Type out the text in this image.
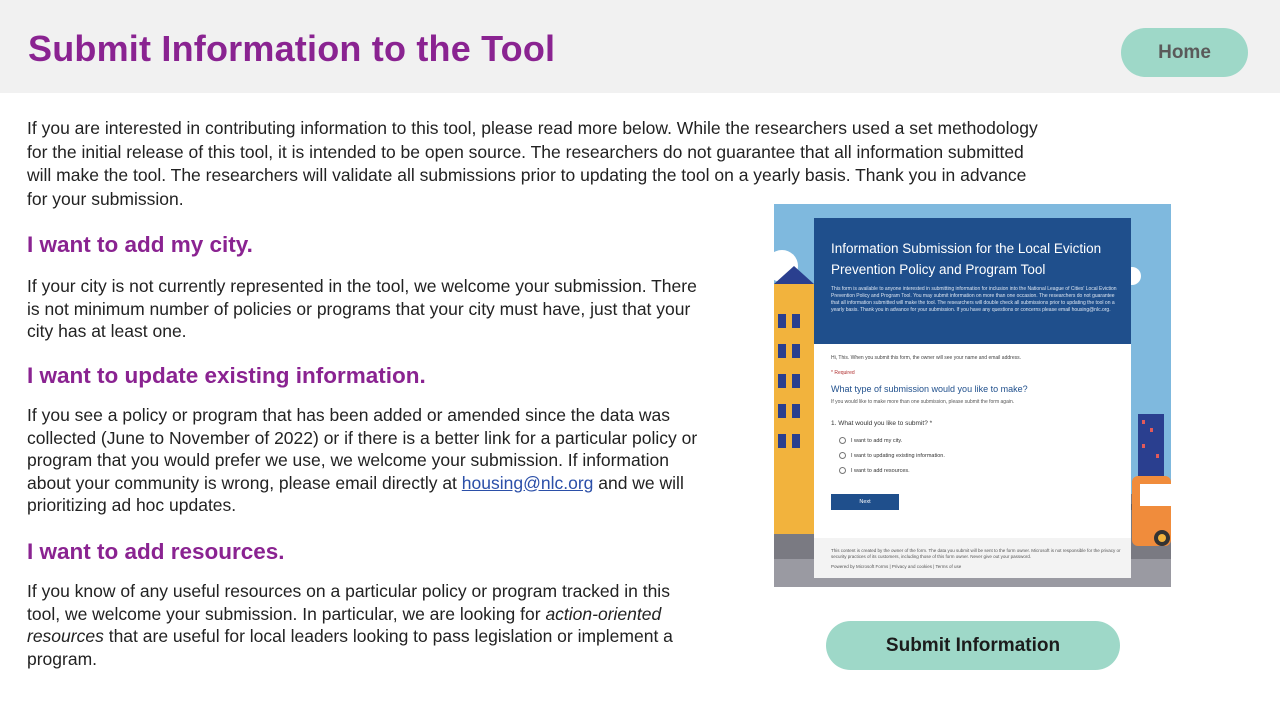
Submit Information to the Tool	Home

If you are interested in contributing information to this tool, please read more below. While the researchers used a set methodology for the initial release of this tool, it is intended to be open source. The researchers do not guarantee that all information submitted will make the tool. The researchers will validate all submissions prior to updating the tool on a yearly basis. Thank you in advance for your submission.

I want to add my city.

If your city is not currently represented in the tool, we welcome your submission. There is not minimum number of policies or programs that your city must have, just that your city has at least one.

I want to update existing information.

If you see a policy or program that has been added or amended since the data was collected (June to November of 2022) or if there is a better link for a particular policy or program that you would prefer we use, we welcome your submission. If information about your community is wrong, please email directly at housing@nlc.org and we will prioritizing ad hoc updates.

I want to add resources.

If you know of any useful resources on a particular policy or program tracked in this tool, we welcome your submission. In particular, we are looking for action-oriented resources that are useful for local leaders looking to pass legislation or implement a program.

Information Submission for the Local Eviction Prevention Policy and Program Tool
This form is available to anyone interested in submitting information for inclusion into the National League of Cities' Local Eviction Prevention Policy and Program Tool. You may submit information on more than one occasion. The researchers do not guarantee that all information submitted will make the tool. The researchers will double check all submissions prior to updating the tool on a yearly basis. Thank you in advance for your submission. If you have any questions or concerns please email housing@nlc.org.
Hi, This. When you submit this form, the owner will see your name and email address.
* Required
What type of submission would you like to make?
If you would like to make more than one submission, please submit the form again.
1. What would you like to submit? *
I want to add my city.
I want to updating existing information.
I want to add resources.
Next
This content is created by the owner of the form. The data you submit will be sent to the form owner. Microsoft is not responsible for the privacy or security practices of its customers, including those of this form owner. Never give out your password.
Powered by Microsoft Forms | Privacy and cookies | Terms of use
Submit Information
